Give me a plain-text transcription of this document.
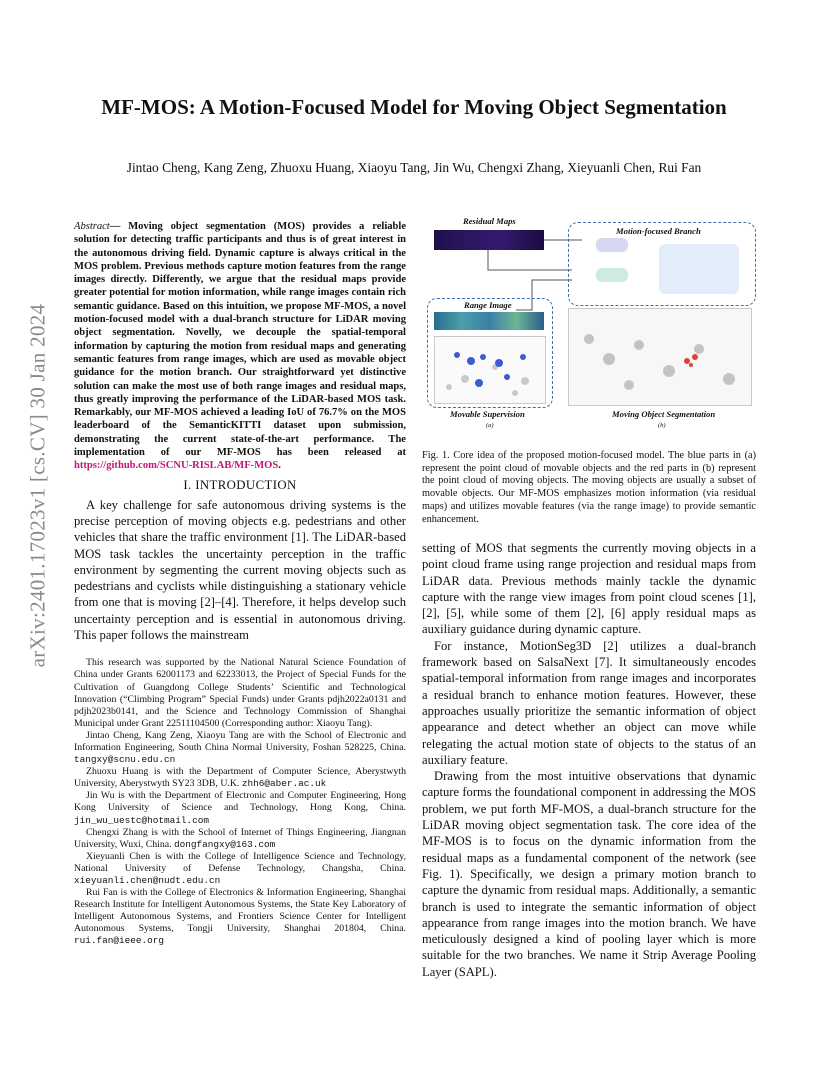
arXiv:2401.17023v1 [cs.CV] 30 Jan 2024
MF-MOS: A Motion-Focused Model for Moving Object Segmentation
Jintao Cheng, Kang Zeng, Zhuoxu Huang, Xiaoyu Tang, Jin Wu, Chengxi Zhang, Xieyuanli Chen, Rui Fan

Abstract— Moving object segmentation (MOS) provides a reliable solution for detecting traffic participants and thus is of great interest in the autonomous driving field. Dynamic capture is always critical in the MOS problem. Previous methods capture motion features from the range images directly. Differently, we argue that the residual maps provide greater potential for motion information, while range images contain rich semantic guidance. Based on this intuition, we propose MF-MOS, a novel motion-focused model with a dual-branch structure for LiDAR moving object segmentation. Novelly, we decouple the spatial-temporal information by capturing the motion from residual maps and generating semantic features from range images, which are used as movable object guidance for the motion branch. Our straightforward yet distinctive solution can make the most use of both range images and residual maps, thus greatly improving the performance of the LiDAR-based MOS task. Remarkably, our MF-MOS achieved a leading IoU of 76.7% on the MOS leaderboard of the SemanticKITTI dataset upon submission, demonstrating the current state-of-the-art performance. The implementation of our MF-MOS has been released at https://github.com/SCNU-RISLAB/MF-MOS.

I. INTRODUCTION

A key challenge for safe autonomous driving systems is the precise perception of moving objects e.g. pedestrians and other vehicles that share the traffic environment [1]. The LiDAR-based MOS task tackles the uncertainty perception in the traffic environment by segmenting the current moving objects such as pedestrians and cyclists while distinguishing a stationary vehicle from one that is moving [2]–[4]. Therefore, it helps develop such uncertainty perception and is essential in autonomous driving. This paper follows the mainstream

This research was supported by the National Natural Science Foundation of China under Grants 62001173 and 62233013, the Project of Special Funds for the Cultivation of Guangdong College Students’ Scientific and Technological Innovation (“Climbing Program” Special Funds) under Grants pdjh2022a0131 and pdjh2023b0141, and the Science and Technology Commission of Shanghai Municipal under Grant 22511104500 (Corresponding author: Xiaoyu Tang).

Jintao Cheng, Kang Zeng, Xiaoyu Tang are with the School of Electronic and Information Engineering, South China Normal University, Foshan 528225, China. tangxy@scnu.edu.cn

Zhuoxu Huang is with the Department of Computer Science, Aberystwyth University, Aberystwyth SY23 3DB, U.K. zhh6@aber.ac.uk

Jin Wu is with the Department of Electronic and Computer Engineering, Hong Kong University of Science and Technology, Hong Kong, China. jin_wu_uestc@hotmail.com

Chengxi Zhang is with the School of Internet of Things Engineering, Jiangnan University, Wuxi, China. dongfangxy@163.com

Xieyuanli Chen is with the College of Intelligence Science and Technology, National University of Defense Technology, Changsha, China. xieyuanli.chen@nudt.edu.cn

Rui Fan is with the College of Electronics & Information Engineering, Shanghai Research Institute for Intelligent Autonomous Systems, the State Key Laboratory of Intelligent Autonomous Systems, and Frontiers Science Center for Intelligent Autonomous Systems, Tongji University, Shanghai 201804, China. rui.fan@ieee.org

Residual Maps
Motion-focused Branch
Range Image
Movable Supervision
(a)
Moving Object Segmentation
(b)
Fig. 1. Core idea of the proposed motion-focused model. The blue parts in (a) represent the point cloud of movable objects and the red parts in (b) represent the point cloud of moving objects. The moving objects are usually a subset of movable objects. Our MF-MOS emphasizes motion information (via residual maps) and utilizes movable features (via the range image) to provide semantic enhancement.

setting of MOS that segments the currently moving objects in a point cloud frame using range projection and residual maps from LiDAR data. Previous methods mainly tackle the dynamic capture with the range view images from point cloud scenes [1], [2], [5], while some of them [2], [6] apply residual maps as auxiliary guidance during dynamic capture.

For instance, MotionSeg3D [2] utilizes a dual-branch framework based on SalsaNext [7]. It simultaneously encodes spatial-temporal information from range images and incorporates a residual branch to enhance motion features. However, these approaches usually prioritize the semantic information of object appearance and detect whether an object can move while relegating the actual motion state of objects to the status of an auxiliary feature.

Drawing from the most intuitive observations that dynamic capture forms the foundational component in addressing the MOS problem, we put forth MF-MOS, a dual-branch structure for the LiDAR moving object segmentation task. The core idea of the MF-MOS is to focus on the dynamic information from the residual maps as a fundamental component of the network (see Fig. 1). Specifically, we design a primary motion branch to capture the dynamic from residual maps. Additionally, a semantic branch is used to integrate the semantic information of object appearance from range images into the motion branch. We have meticulously designed a kind of pooling layer which is more suitable for the two branches. We name it Strip Average Pooling Layer (SAPL).
